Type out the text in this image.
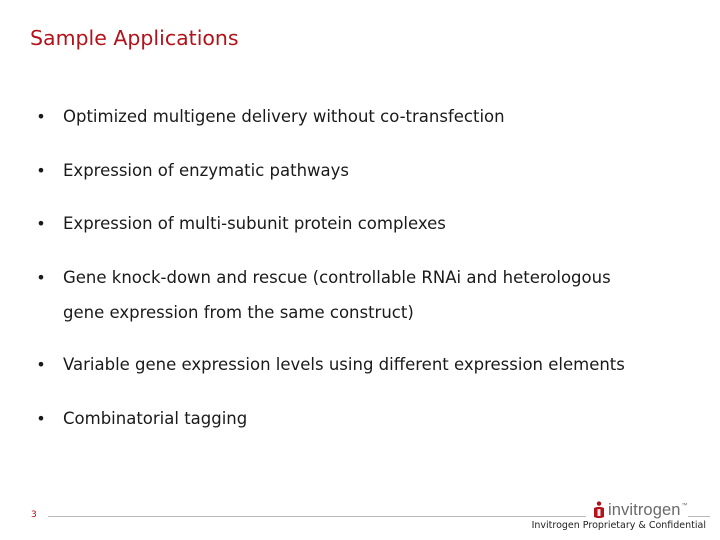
Sample Applications
•	Optimized multigene delivery without co-transfection
•	Expression of enzymatic pathways
•	Expression of multi-subunit protein complexes
•	Gene knock-down and rescue (controllable RNAi and heterologous
gene expression from the same construct)
•	Variable gene expression levels using different expression elements
•	Combinatorial tagging
3	invitrogen ™
Invitrogen Proprietary & Confidential
